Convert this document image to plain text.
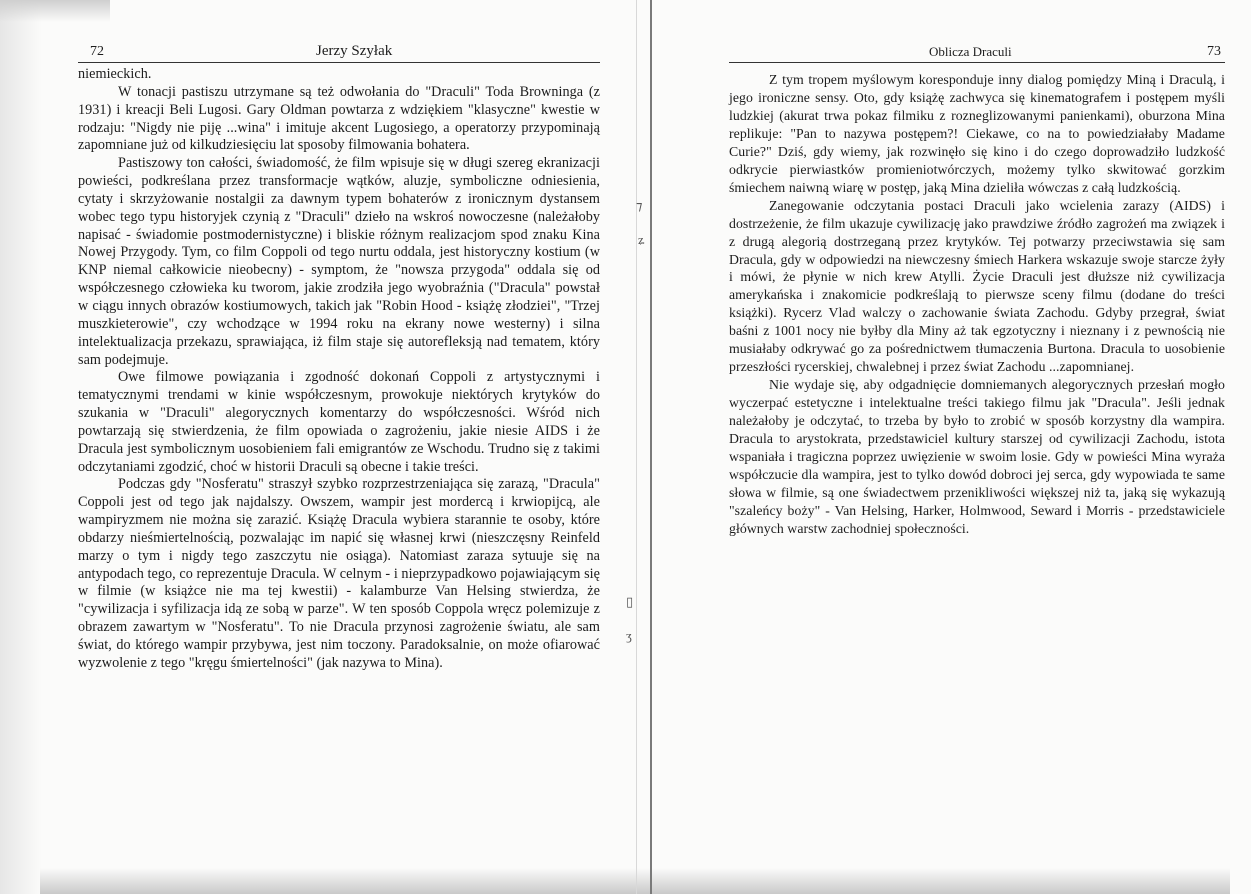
⁊
ʑ
▯
ʒ
72	Jerzy Szyłak

niemieckich.

W tonacji pastiszu utrzymane są też odwołania do "Draculi" Toda Browninga (z 1931) i kreacji Beli Lugosi. Gary Oldman powtarza z wdziękiem "klasyczne" kwestie w rodzaju: "Nigdy nie piję ...wina" i imituje akcent Lugosiego, a operatorzy przypominają zapomniane już od kilkudziesięciu lat sposoby filmowania bohatera.

Pastiszowy ton całości, świadomość, że film wpisuje się w długi szereg ekranizacji powieści, podkreślana przez transformacje wątków, aluzje, symboliczne odniesienia, cytaty i skrzyżowanie nostalgii za dawnym typem bohaterów z ironicznym dystansem wobec tego typu historyjek czynią z "Draculi" dzieło na wskroś nowoczesne (należałoby napisać - świadomie postmodernistyczne) i bliskie różnym realizacjom spod znaku Kina Nowej Przygody. Tym, co film Coppoli od tego nurtu oddala, jest historyczny kostium (w KNP niemal całkowicie nieobecny) - symptom, że "nowsza przygoda" oddala się od współczesnego człowieka ku tworom, jakie zrodziła jego wyobraźnia ("Dracula" powstał w ciągu innych obrazów kostiumowych, takich jak "Robin Hood - książę złodziei", "Trzej muszkieterowie", czy wchodzące w 1994 roku na ekrany nowe westerny) i silna intelektualizacja przekazu, sprawiająca, iż film staje się autorefleksją nad tematem, który sam podejmuje.

Owe filmowe powiązania i zgodność dokonań Coppoli z artystycznymi i tematycznymi trendami w kinie współczesnym, prowokuje niektórych krytyków do szukania w "Draculi" alegorycznych komentarzy do współczesności. Wśród nich powtarzają się stwierdzenia, że film opowiada o zagrożeniu, jakie niesie AIDS i że Dracula jest symbolicznym uosobieniem fali emigrantów ze Wschodu. Trudno się z takimi odczytaniami zgodzić, choć w historii Draculi są obecne i takie treści.

Podczas gdy "Nosferatu" straszył szybko rozprzestrzeniająca się zarazą, "Dracula" Coppoli jest od tego jak najdalszy. Owszem, wampir jest mordercą i krwiopijcą, ale wampiryzmem nie można się zarazić. Książę Dracula wybiera starannie te osoby, które obdarzy nieśmiertelnością, pozwalając im napić się własnej krwi (nieszczęsny Reinfeld marzy o tym i nigdy tego zaszczytu nie osiąga). Natomiast zaraza sytuuje się na antypodach tego, co reprezentuje Dracula. W celnym - i nieprzypadkowo pojawiającym się w filmie (w książce nie ma tej kwestii) - kalamburze Van Helsing stwierdza, że "cywilizacja i syfilizacja idą ze sobą w parze". W ten sposób Coppola wręcz polemizuje z obrazem zawartym w "Nosferatu". To nie Dracula przynosi zagrożenie światu, ale sam świat, do którego wampir przybywa, jest nim toczony. Paradoksalnie, on może ofiarować wyzwolenie z tego "kręgu śmiertelności" (jak nazywa to Mina).

Oblicza Draculi	73

Z tym tropem myślowym koresponduje inny dialog pomiędzy Miną i Draculą, i jego ironiczne sensy. Oto, gdy książę zachwyca się kinematografem i postępem myśli ludzkiej (akurat trwa pokaz filmiku z rozneglizowanymi panienkami), oburzona Mina replikuje: "Pan to nazywa postępem?! Ciekawe, co na to powiedziałaby Madame Curie?" Dziś, gdy wiemy, jak rozwinęło się kino i do czego doprowadziło ludzkość odkrycie pierwiastków promieniotwórczych, możemy tylko skwitować gorzkim śmiechem naiwną wiarę w postęp, jaką Mina dzieliła wówczas z całą ludzkością.

Zanegowanie odczytania postaci Draculi jako wcielenia zarazy (AIDS) i dostrzeżenie, że film ukazuje cywilizację jako prawdziwe źródło zagrożeń ma związek i z drugą alegorią dostrzeganą przez krytyków. Tej potwarzy przeciwstawia się sam Dracula, gdy w odpowiedzi na niewczesny śmiech Harkera wskazuje swoje starcze żyły i mówi, że płynie w nich krew Atylli. Życie Draculi jest dłuższe niż cywilizacja amerykańska i znakomicie podkreślają to pierwsze sceny filmu (dodane do treści książki). Rycerz Vlad walczy o zachowanie świata Zachodu. Gdyby przegrał, świat baśni z 1001 nocy nie byłby dla Miny aż tak egzotyczny i nieznany i z pewnością nie musiałaby odkrywać go za pośrednictwem tłumaczenia Burtona. Dracula to uosobienie przeszłości rycerskiej, chwalebnej i przez świat Zachodu ...zapomnianej.

Nie wydaje się, aby odgadnięcie domniemanych alegorycznych przesłań mogło wyczerpać estetyczne i intelektualne treści takiego filmu jak "Dracula". Jeśli jednak należałoby je odczytać, to trzeba by było to zrobić w sposób korzystny dla wampira. Dracula to arystokrata, przedstawiciel kultury starszej od cywilizacji Zachodu, istota wspaniała i tragiczna poprzez uwięzienie w swoim losie. Gdy w powieści Mina wyraża współczucie dla wampira, jest to tylko dowód dobroci jej serca, gdy wypowiada te same słowa w filmie, są one świadectwem przenikliwości większej niż ta, jaką się wykazują "szaleńcy boży" - Van Helsing, Harker, Holmwood, Seward i Morris - przedstawiciele głównych warstw zachodniej społeczności.
